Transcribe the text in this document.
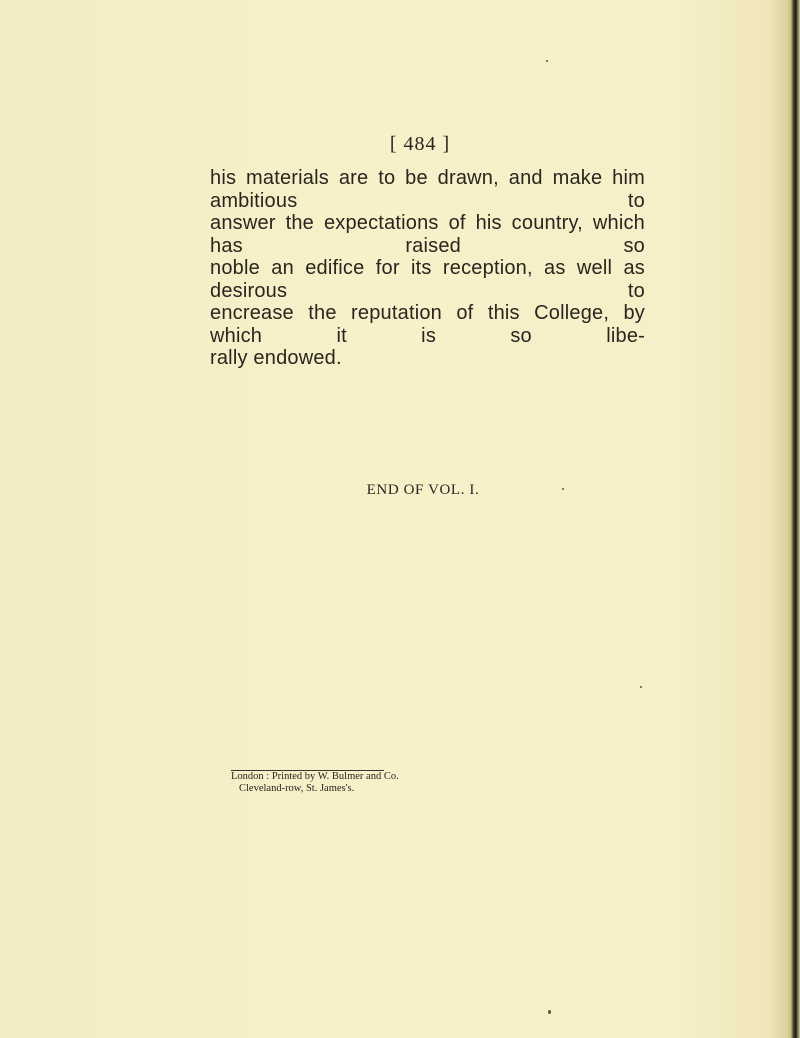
[ 484 ]
his materials are to be drawn, and make him ambitious to
answer the expectations of his country, which has raised so
noble an edifice for its reception, as well as desirous to
encrease the reputation of this College, by which it is so libe-
rally endowed.
END OF VOL. I.
London : Printed by W. Bulmer and Co.
Cleveland-row, St. James's.
